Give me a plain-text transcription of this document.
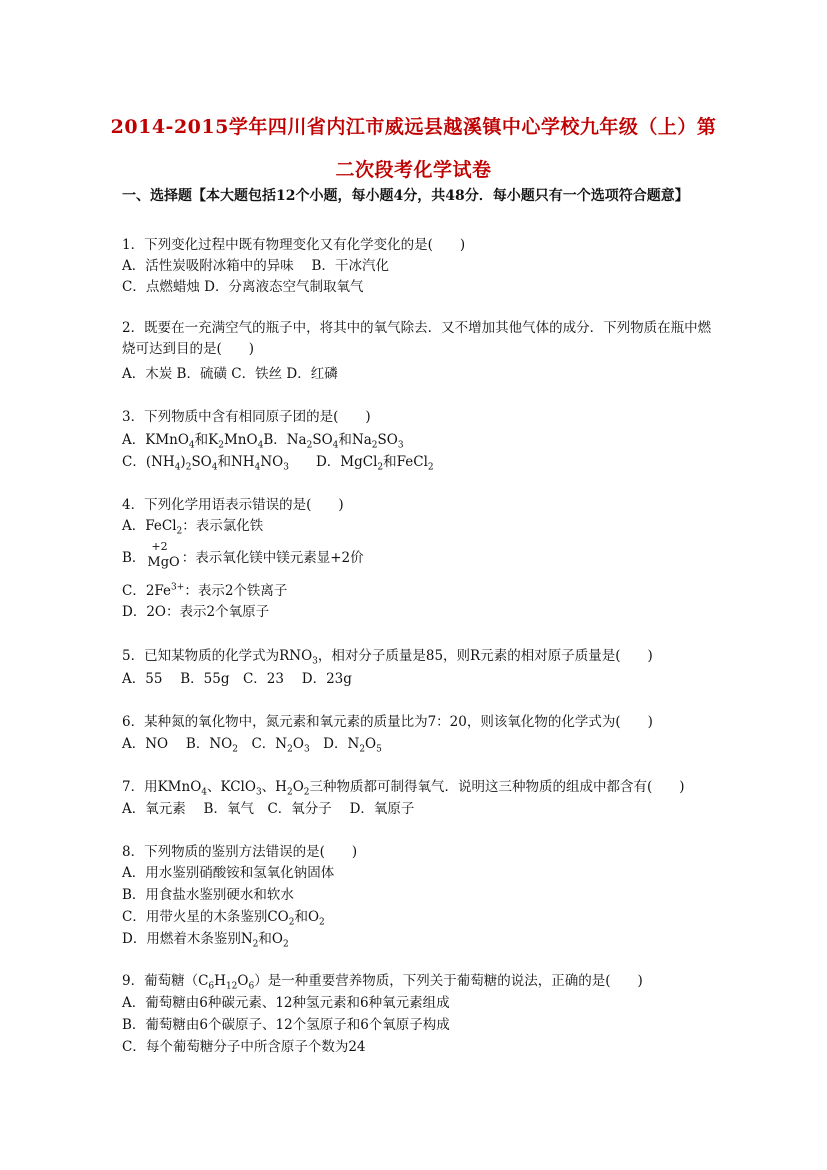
2014-2015学年四川省内江市威远县越溪镇中心学校九年级（上）第
二次段考化学试卷
一、选择题【本大题包括12个小题，每小题4分，共48分．每小题只有一个选项符合题意】
1．下列变化过程中既有物理变化又有化学变化的是(　　)
A．活性炭吸附冰箱中的异味　 B．干冰汽化
C．点燃蜡烛 D．分离液态空气制取氧气
2．既要在一充满空气的瓶子中，将其中的氧气除去．又不增加其他气体的成分．下列物质在瓶中燃烧可达到目的是(　　)
A．木炭 B．硫磺 C．铁丝 D．红磷
3．下列物质中含有相同原子团的是(　　)
A．KMnO$_4$和$K_2MnO_4B$．$Na_2SO_4$和$Na_2SO_3$
C．$(NH_4)_2SO_4$和$NH_4NO_3$　　D．MgCl$_2$和FeCl$_2$
4．下列化学用语表示错误的是(　　)
A．FeCl$_2$：表示氯化铁
B．
+2
MgO ：表示氧化镁中镁元素显+2价
C．$2Fe^{3+}$：表示2个铁离子
D．2O：表示2个氧原子
5．已知某物质的化学式为$RNO_3$，相对分子质量是85，则R元素的相对原子质量是(　　)
A．55　 B．55g　C．23　 D．23g
6．某种氮的氧化物中，氮元素和氧元素的质量比为7：20，则该氧化物的化学式为(　　)
A．NO　 B．$NO_2$　C．$N_2O_3$　D．$N_2O_5$
7．用KMnO$_4$、KClO$_3$、$H_2O_2$三种物质都可制得氧气．说明这三种物质的组成中都含有(　　)
A．氧元素　 B．氧气　C．氧分子　 D．氧原子
8．下列物质的鉴别方法错误的是(　　)
A．用水鉴别硝酸铵和氢氧化钠固体
B．用食盐水鉴别硬水和软水
C．用带火星的木条鉴别$CO_2$和$O_2$
D．用燃着木条鉴别$N_2$和$O_2$
9．葡萄糖$(C_6H_{12}O_6)$是一种重要营养物质，下列关于葡萄糖的说法，正确的是(　　)
A．葡萄糖由6种碳元素、12种氢元素和6种氧元素组成
B．葡萄糖由6个碳原子、12个氢原子和6个氧原子构成
C．每个葡萄糖分子中所含原子个数为24
